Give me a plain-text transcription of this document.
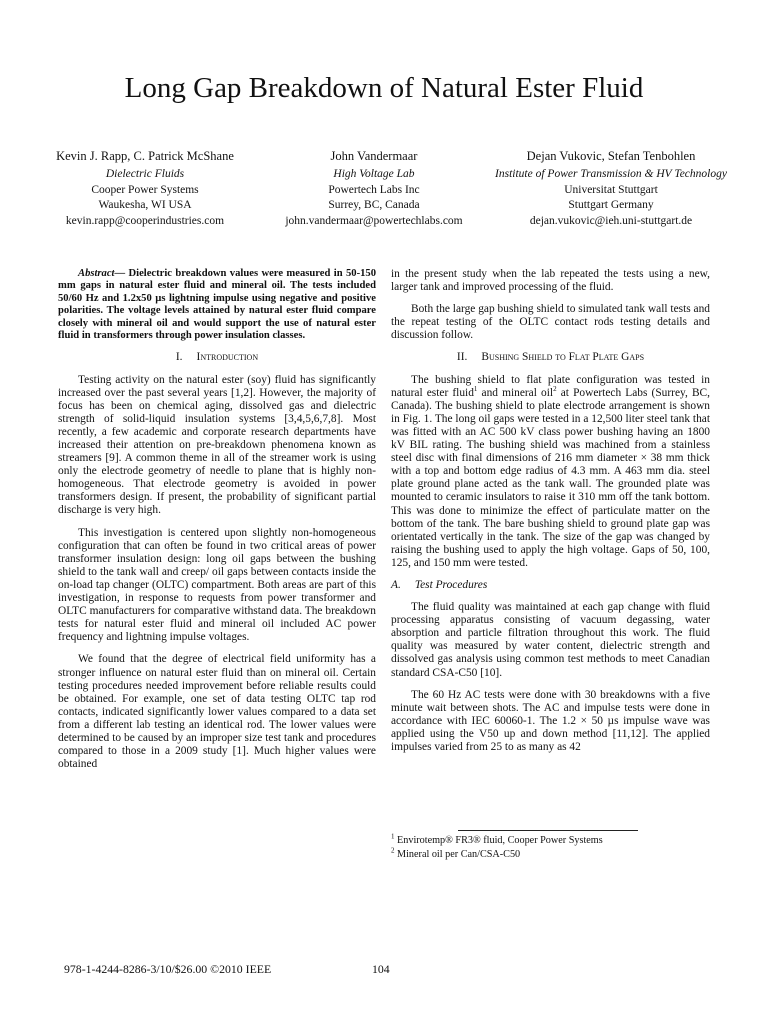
Long Gap Breakdown of Natural Ester Fluid
Kevin J. Rapp, C. Patrick McShane
Dielectric Fluids
Cooper Power Systems
Waukesha, WI USA
kevin.rapp@cooperindustries.com
John Vandermaar
High Voltage Lab
Powertech Labs Inc
Surrey, BC, Canada
john.vandermaar@powertechlabs.com
Dejan Vukovic, Stefan Tenbohlen
Institute of Power Transmission & HV Technology
Universitat Stuttgart
Stuttgart Germany
dejan.vukovic@ieh.uni-stuttgart.de

Abstract— Dielectric breakdown values were measured in 50-150 mm gaps in natural ester fluid and mineral oil. The tests included 50/60 Hz and 1.2x50 µs lightning impulse using negative and positive polarities. The voltage levels attained by natural ester fluid compare closely with mineral oil and would support the use of natural ester fluid in transformers through power insulation classes.

I. Introduction

Testing activity on the natural ester (soy) fluid has significantly increased over the past several years [1,2]. However, the majority of focus has been on chemical aging, dissolved gas and dielectric strength of solid-liquid insulation systems [3,4,5,6,7,8]. Most recently, a few academic and corporate research departments have increased their attention on pre-breakdown phenomena known as streamers [9]. A common theme in all of the streamer work is using only the electrode geometry of needle to plane that is highly non-homogeneous. That electrode geometry is avoided in power transformers design. If present, the probability of significant partial discharge is very high.

This investigation is centered upon slightly non-homogeneous configuration that can often be found in two critical areas of power transformer insulation design: long oil gaps between the bushing shield to the tank wall and creep/ oil gaps between contacts inside the on-load tap changer (OLTC) compartment. Both areas are part of this investigation, in response to requests from power transformer and OLTC manufacturers for comparative withstand data. The breakdown tests for natural ester fluid and mineral oil included AC power frequency and lightning impulse voltages.

We found that the degree of electrical field uniformity has a stronger influence on natural ester fluid than on mineral oil. Certain testing procedures needed improvement before reliable results could be obtained. For example, one set of data testing OLTC tap rod contacts, indicated significantly lower values compared to a data set from a different lab testing an identical rod. The lower values were determined to be caused by an improper size test tank and procedures compared to those in a 2009 study [1]. Much higher values were obtained

in the present study when the lab repeated the tests using a new, larger tank and improved processing of the fluid.

Both the large gap bushing shield to simulated tank wall tests and the repeat testing of the OLTC contact rods testing details and discussion follow.

II. Bushing Shield to Flat Plate Gaps

The bushing shield to flat plate configuration was tested in natural ester fluid$^1$ and mineral oil$^2$ at Powertech Labs (Surrey, BC, Canada). The bushing shield to plate electrode arrangement is shown in Fig. 1. The long oil gaps were tested in a 12,500 liter steel tank that was fitted with an AC 500 kV class power bushing having an 1800 kV BIL rating. The bushing shield was machined from a stainless steel disc with final dimensions of 216 mm diameter × 38 mm thick with a top and bottom edge radius of 4.3 mm. A 463 mm dia. steel plate ground plane acted as the tank wall. The grounded plate was mounted to ceramic insulators to raise it 310 mm off the tank bottom. This was done to minimize the effect of particulate matter on the bottom of the tank. The bare bushing shield to ground plate gap was orientated vertically in the tank. The size of the gap was changed by raising the bushing used to apply the high voltage. Gaps of 50, 100, 125, and 150 mm were tested.

A. Test Procedures

The fluid quality was maintained at each gap change with fluid processing apparatus consisting of vacuum degassing, water absorption and particle filtration throughout this work. The fluid quality was measured by water content, dielectric strength and dissolved gas analysis using common test methods to meet Canadian standard CSA-C50 [10].

The 60 Hz AC tests were done with 30 breakdowns with a five minute wait between shots. The AC and impulse tests were done in accordance with IEC 60060-1. The 1.2 × 50 µs impulse wave was applied using the V50 up and down method [11,12]. The applied impulses varied from 25 to as many as 42

$^1$ Envirotemp® FR3® fluid, Cooper Power Systems
$^2$ Mineral oil per Can/CSA-C50
978-1-4244-8286-3/10/$26.00 ©2010 IEEE	104
